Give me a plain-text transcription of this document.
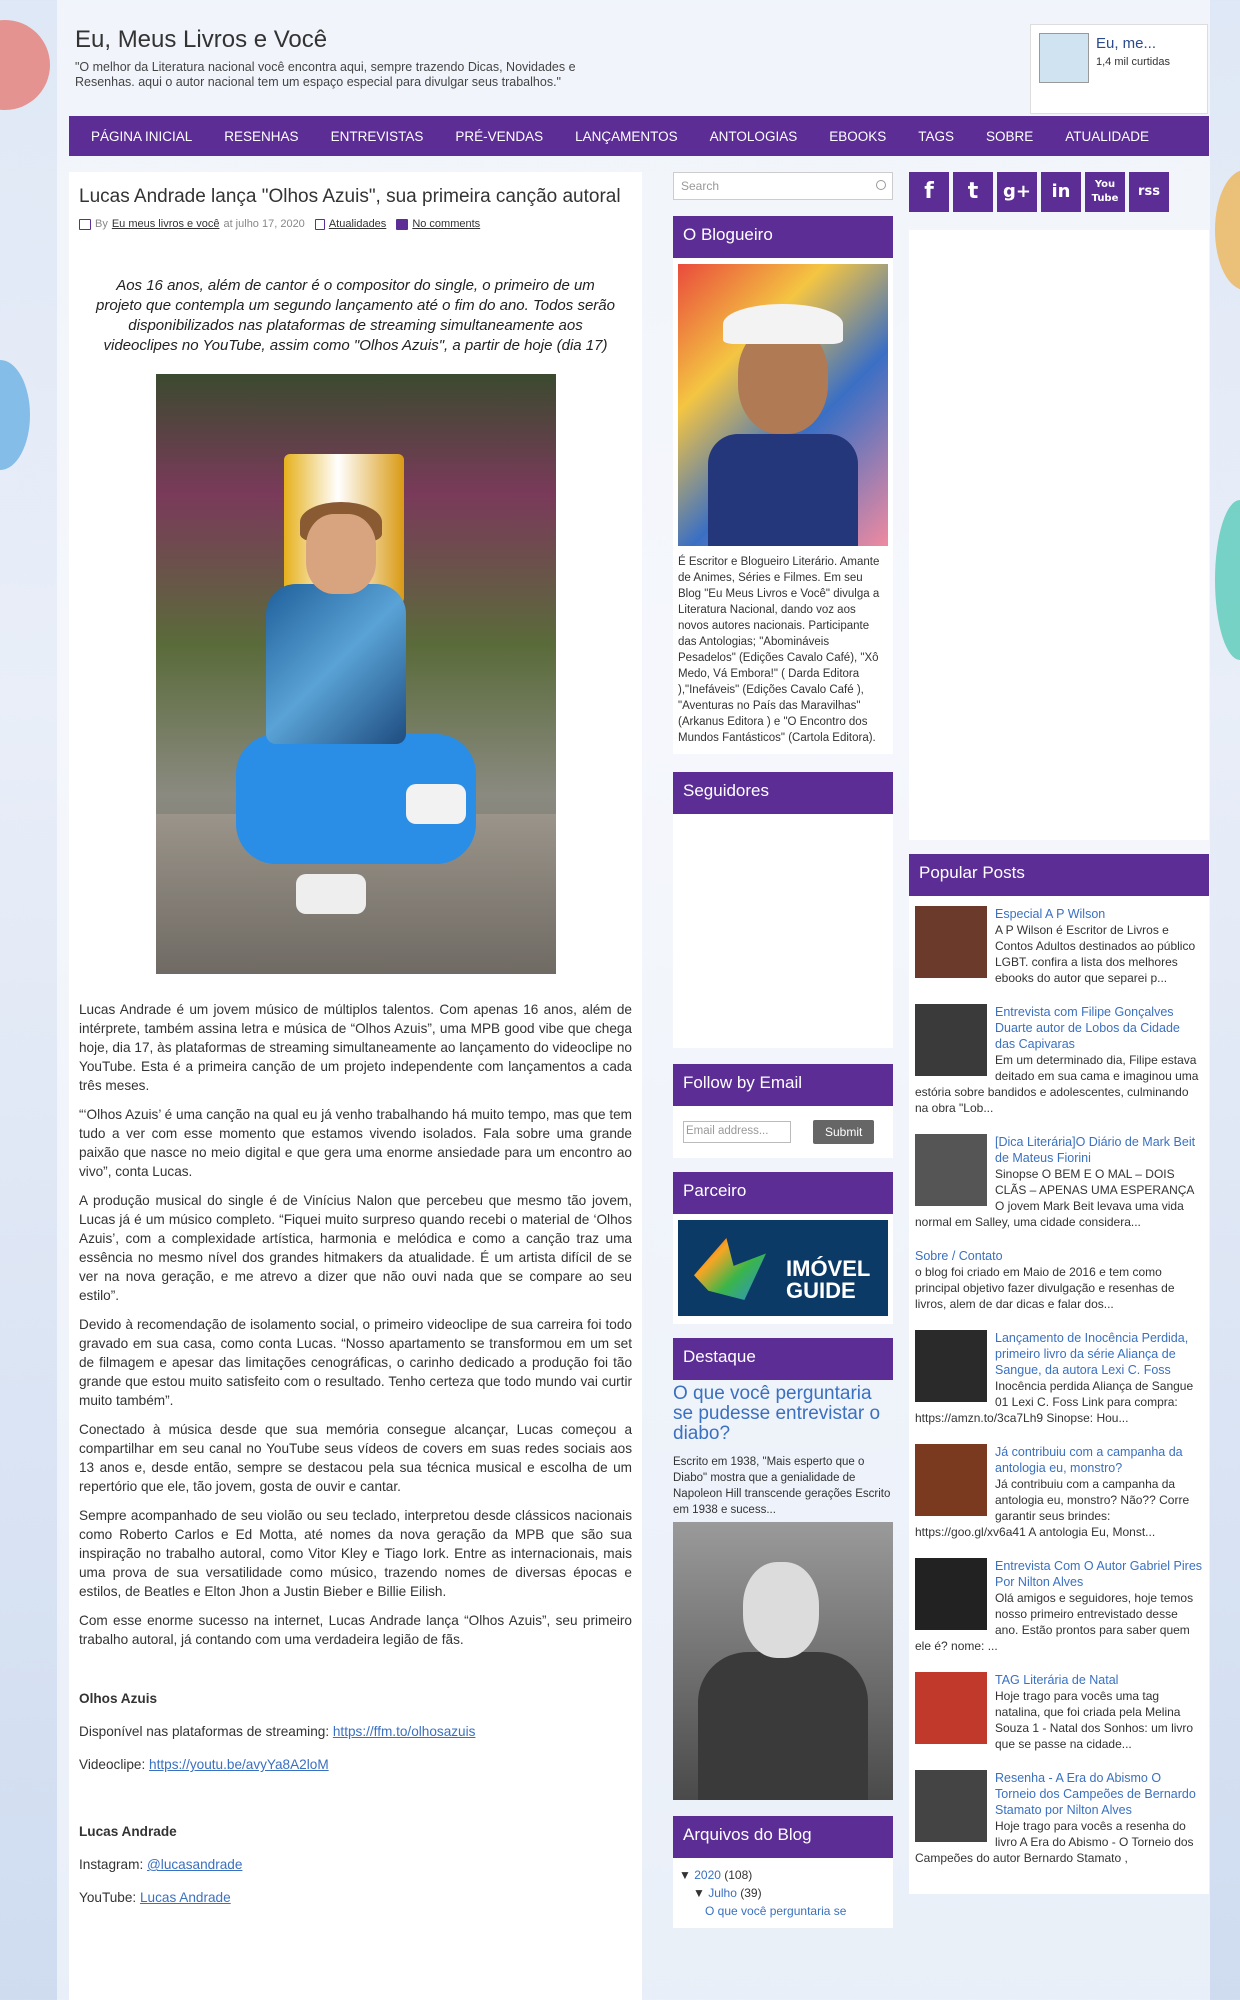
Eu, Meus Livros e Você
"O melhor da Literatura nacional você encontra aqui, sempre trazendo Dicas, Novidades e Resenhas. aqui o autor nacional tem um espaço especial para divulgar seus trabalhos."
Eu, me...
1,4 mil curtidas
PÁGINA INICIAL	RESENHAS	ENTREVISTAS	PRÉ-VENDAS	LANÇAMENTOS	ANTOLOGIAS	EBOOKS	TAGS	SOBRE	ATUALIDADE
Lucas Andrade lança "Olhos Azuis", sua primeira canção autoral
By Eu meus livros e você at julho 17, 2020 Atualidades No comments
Aos 16 anos, além de cantor é o compositor do single, o primeiro de um projeto que contempla um segundo lançamento até o fim do ano. Todos serão disponibilizados nas plataformas de streaming simultaneamente aos videoclipes no YouTube, assim como "Olhos Azuis", a partir de hoje (dia 17)

Lucas Andrade é um jovem músico de múltiplos talentos. Com apenas 16 anos, além de intérprete, também assina letra e música de “Olhos Azuis”, uma MPB good vibe que chega hoje, dia 17, às plataformas de streaming simultaneamente ao lançamento do videoclipe no YouTube. Esta é a primeira canção de um projeto independente com lançamentos a cada três meses.

“‘Olhos Azuis’ é uma canção na qual eu já venho trabalhando há muito tempo, mas que tem tudo a ver com esse momento que estamos vivendo isolados. Fala sobre uma grande paixão que nasce no meio digital e que gera uma enorme ansiedade para um encontro ao vivo”, conta Lucas.

A produção musical do single é de Vinícius Nalon que percebeu que mesmo tão jovem, Lucas já é um músico completo. “Fiquei muito surpreso quando recebi o material de ‘Olhos Azuis’, com a complexidade artística, harmonia e melódica e como a canção traz uma essência no mesmo nível dos grandes hitmakers da atualidade. É um artista difícil de se ver na nova geração, e me atrevo a dizer que não ouvi nada que se compare ao seu estilo”.

Devido à recomendação de isolamento social, o primeiro videoclipe de sua carreira foi todo gravado em sua casa, como conta Lucas. “Nosso apartamento se transformou em um set de filmagem e apesar das limitações cenográficas, o carinho dedicado a produção foi tão grande que estou muito satisfeito com o resultado. Tenho certeza que todo mundo vai curtir muito também”.

Conectado à música desde que sua memória consegue alcançar, Lucas começou a compartilhar em seu canal no YouTube seus vídeos de covers em suas redes sociais aos 13 anos e, desde então, sempre se destacou pela sua técnica musical e escolha de um repertório que ele, tão jovem, gosta de ouvir e cantar.

Sempre acompanhado de seu violão ou seu teclado, interpretou desde clássicos nacionais como Roberto Carlos e Ed Motta, até nomes da nova geração da MPB que são sua inspiração no trabalho autoral, como Vitor Kley e Tiago Iork. Entre as internacionais, mais uma prova de sua versatilidade como músico, trazendo nomes de diversas épocas e estilos, de Beatles e Elton Jhon a Justin Bieber e Billie Eilish.

Com esse enorme sucesso na internet, Lucas Andrade lança “Olhos Azuis”, seu primeiro trabalho autoral, já contando com uma verdadeira legião de fãs.

Olhos Azuis
Disponível nas plataformas de streaming: https://ffm.to/olhosazuis
Videoclipe: https://youtu.be/avyYa8A2loM
Lucas Andrade
Instagram: @lucasandrade
YouTube: Lucas Andrade
Search
O Blogueiro
É Escritor e Blogueiro Literário. Amante de Animes, Séries e Filmes. Em seu Blog "Eu Meus Livros e Você" divulga a Literatura Nacional, dando voz aos novos autores nacionais. Participante das Antologias; "Abomináveis Pesadelos" (Edições Cavalo Café), "Xô Medo, Vá Embora!" ( Darda Editora ),"Inefáveis" (Edições Cavalo Café ), "Aventuras no País das Maravilhas" (Arkanus Editora ) e "O Encontro dos Mundos Fantásticos" (Cartola Editora).
Seguidores
Follow by Email
Email address...	Submit
Parceiro
IMÓVEL
GUIDE
Destaque
O que você perguntaria se pudesse entrevistar o diabo?
Escrito em 1938, "Mais esperto que o Diabo" mostra que a genialidade de Napoleon Hill transcende gerações Escrito em 1938 e sucess...
Arquivos do Blog
▼ 2020 (108)
▼ Julho (39)
O que você perguntaria se
f	t	g+	in	You Tube	rss
Popular Posts
Especial A P Wilson
A P Wilson é Escritor de Livros e Contos Adultos destinados ao público LGBT. confira a lista dos melhores ebooks do autor que separei p...
Entrevista com Filipe Gonçalves Duarte autor de Lobos da Cidade das Capivaras
Em um determinado dia, Filipe estava deitado em sua cama e imaginou uma estória sobre bandidos e adolescentes, culminando na obra "Lob...
[Dica Literária]O Diário de Mark Beit de Mateus Fiorini
Sinopse O BEM E O MAL – DOIS CLÃS – APENAS UMA ESPERANÇA O jovem Mark Beit levava uma vida normal em Salley, uma cidade considera...
Sobre / Contato
o blog foi criado em Maio de 2016 e tem como principal objetivo fazer divulgação e resenhas de livros, alem de dar dicas e falar dos...
Lançamento de Inocência Perdida, primeiro livro da série Aliança de Sangue, da autora Lexi C. Foss
Inocência perdida Aliança de Sangue 01 Lexi C. Foss Link para compra: https://amzn.to/3ca7Lh9 Sinopse: Hou...
Já contribuiu com a campanha da antologia eu, monstro?
Já contribuiu com a campanha da antologia eu, monstro? Não?? Corre garantir seus brindes: https://goo.gl/xv6a41 A antologia Eu, Monst...
Entrevista Com O Autor Gabriel Pires Por Nilton Alves
Olá amigos e seguidores, hoje temos nosso primeiro entrevistado desse ano. Estão prontos para saber quem ele é? nome: ...
TAG Literária de Natal
Hoje trago para vocês uma tag natalina, que foi criada pela Melina Souza 1 - Natal dos Sonhos: um livro que se passe na cidade...
Resenha - A Era do Abismo O Torneio dos Campeões de Bernardo Stamato por Nilton Alves
Hoje trago para vocês a resenha do livro A Era do Abismo - O Torneio dos Campeões do autor Bernardo Stamato ,
